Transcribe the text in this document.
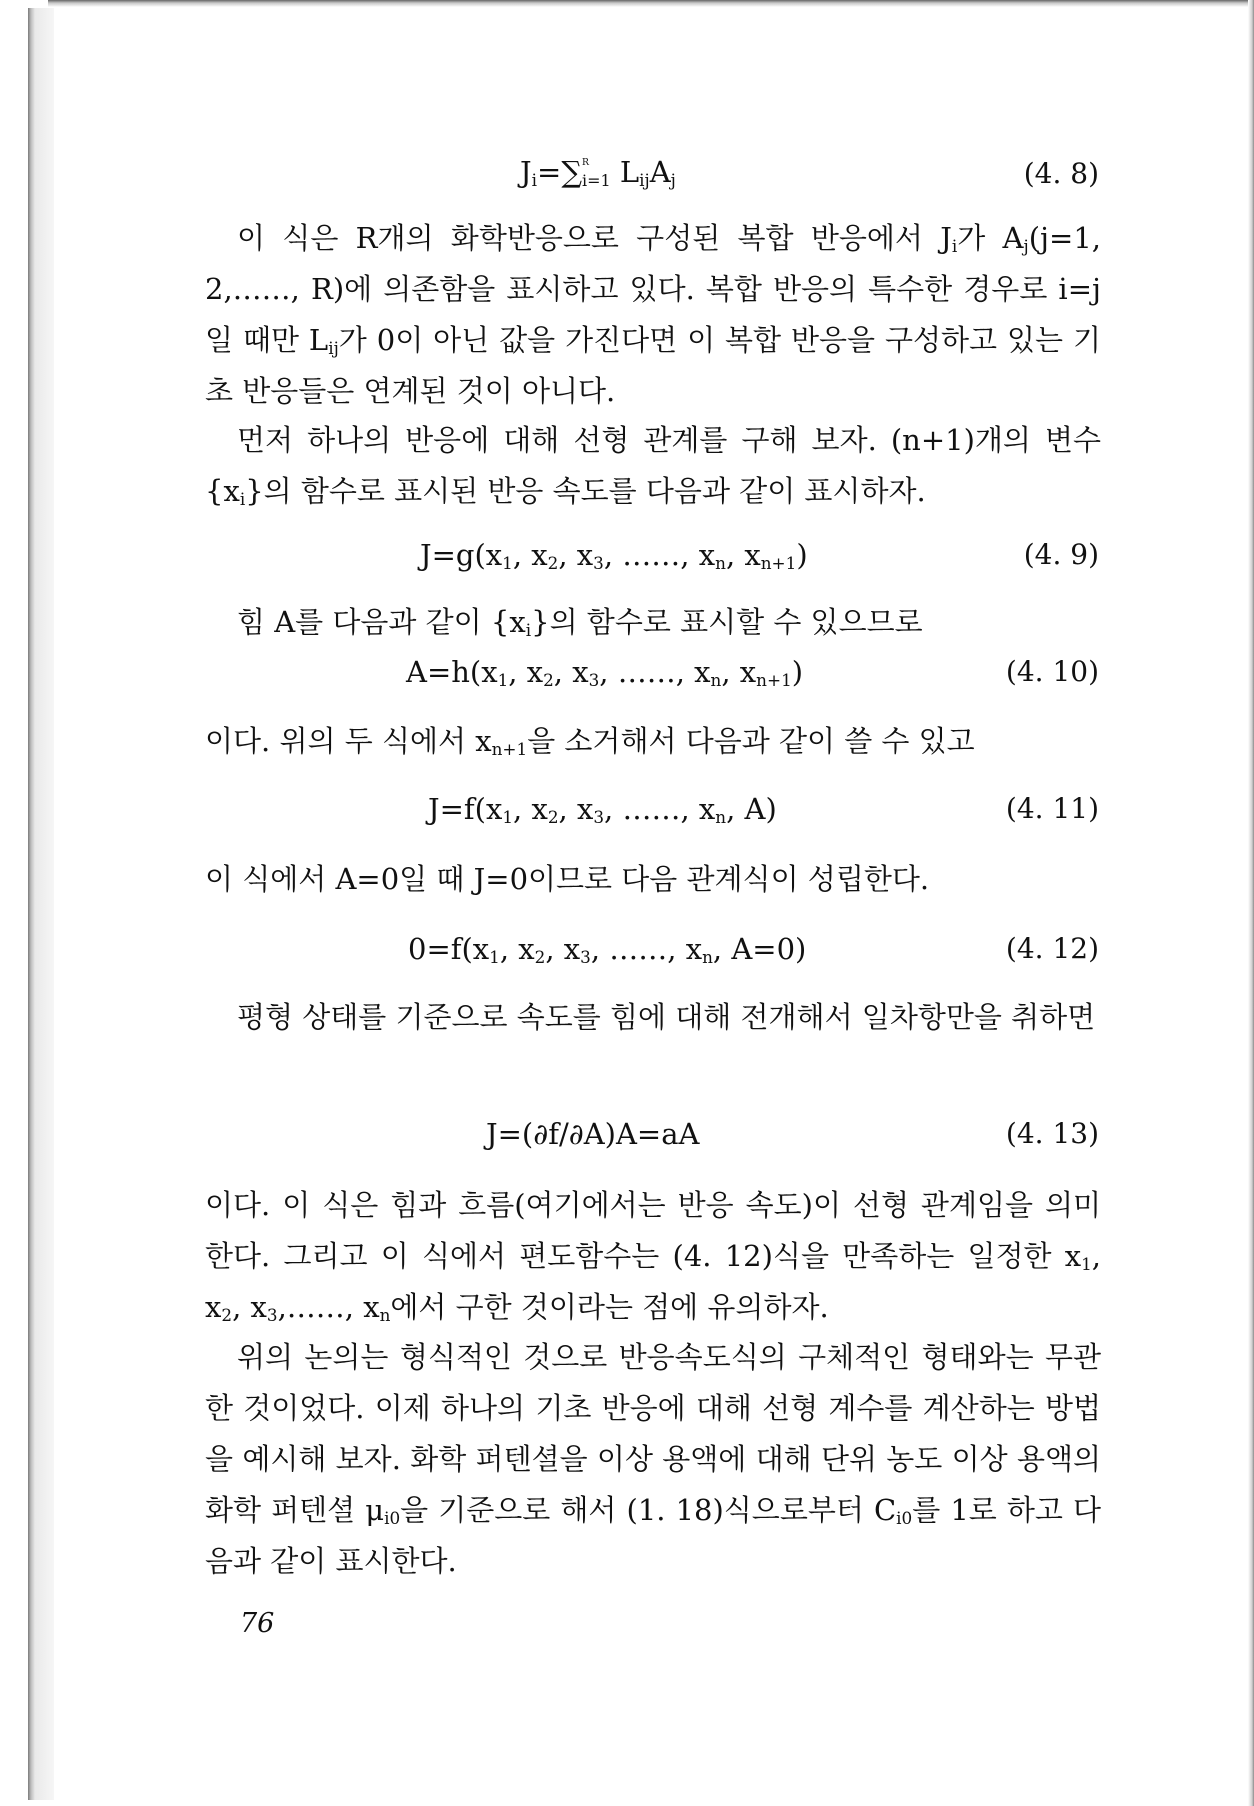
$J_i=\sum^R$
i=1 $L_{ij}A_j$	(4. 8)
이 식은 R개의 화학반응으로 구성된 복합 반응에서 $J_i$가 $A_j(j=1$, 2,……, R)에 의존함을 표시하고 있다. 복합 반응의 특수한 경우로 i=j일 때만 $L_{ij}$가 0이 아닌 값을 가진다면 이 복합 반응을 구성하고 있는 기초 반응들은 연계된 것이 아니다.
먼저 하나의 반응에 대해 선형 관계를 구해 보자. (n+1)개의 변수 $\{x_i\}$의 함수로 표시된 반응 속도를 다음과 같이 표시하자.
$J=g(x_1$, $x_2$, $x_3$, ……, $x_n$, $x_{n+1}$)	(4. 9)
힘 A를 다음과 같이 $\{x_i\}$의 함수로 표시할 수 있으므로
$A=h(x_1$, $x_2$, $x_3$, ……, $x_n$, $x_{n+1}$)	(4. 10)
이다. 위의 두 식에서 $x_{n+1}$을 소거해서 다음과 같이 쓸 수 있고
$J=f(x_1$, $x_2$, $x_3$, ……, $x_n$, A)	(4. 11)
이 식에서 A=0일 때 J=0이므로 다음 관계식이 성립한다.
$0=f(x_1$, $x_2$, $x_3$, ……, $x_n$, A=0)	(4. 12)
평형 상태를 기준으로 속도를 힘에 대해 전개해서 일차항만을 취하면
J=(∂f/∂A)A=aA	(4. 13)
이다. 이 식은 힘과 흐름(여기에서는 반응 속도)이 선형 관계임을 의미한다. 그리고 이 식에서 편도함수는 (4. 12)식을 만족하는 일정한 $x_1$, $x_2$, $x_3,\dots\dots$, $x_n$에서 구한 것이라는 점에 유의하자.
위의 논의는 형식적인 것으로 반응속도식의 구체적인 형태와는 무관한 것이었다. 이제 하나의 기초 반응에 대해 선형 계수를 계산하는 방법을 예시해 보자. 화학 퍼텐셜을 이상 용액에 대해 단위 농도 이상 용액의 화학 퍼텐셜 $\mu_{i0}$을 기준으로 해서 (1. 18)식으로부터 $C_{i0}$를 1로 하고 다음과 같이 표시한다.
76
